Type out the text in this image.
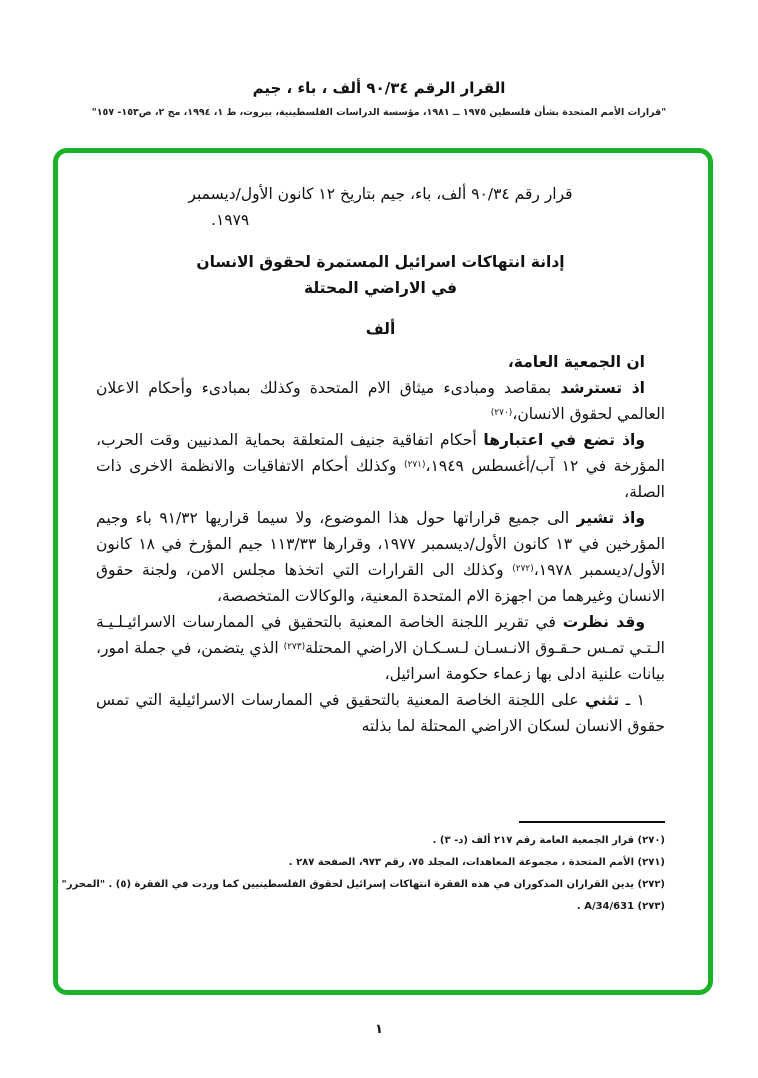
القرار الرقم ٩٠/٣٤ ألف ، باء ، جيم
"قرارات الأمم المتحدة بشأن فلسطين ١٩٧٥ ــ ١٩٨١، مؤسسة الدراسات الفلسطينية، بيروت، ط ١، ١٩٩٤، مج ٢، ص١٥٣- ١٥٧"
قرار رقم ٩٠/٣٤ ألف، باء، جيم بتاريخ ١٢ كانون الأول/ديسمبر
١٩٧٩.
إدانة انتهاكات اسرائيل المستمرة لحقوق الانسان
في الاراضي المحتلة
ألف
ان الجمعية العامة،
اذ تسترشد بمقاصد ومبادىء ميثاق الام المتحدة وكذلك بمبادىء وأحكام الاعلان العالمي لحقوق الانسان،$^{(٢٧٠)}$
واذ تضع في اعتبارها أحكام اتفاقية جنيف المتعلقة بحماية المدنيين وقت الحرب، المؤرخة في ١٢ آب/أغسطس ١٩٤٩،$^{(٢٧١)}$ وكذلك أحكام الاتفاقيات والانظمة الاخرى ذات الصلة،
واذ تشير الى جميع قراراتها حول هذا الموضوع، ولا سيما قراريها ٩١/٣٢ باء وجيم المؤرخين في ١٣ كانون الأول/ديسمبر ١٩٧٧، وقرارها ١١٣/٣٣ جيم المؤرخ في ١٨ كانون الأول/ديسمبر ١٩٧٨،$^{(٢٧٢)}$ وكذلك الى القرارات التي اتخذها مجلس الامن، ولجنة حقوق الانسان وغيرهما من اجهزة الام المتحدة المعنية، والوكالات المتخصصة،
وقد نظرت في تقرير اللجنة الخاصة المعنية بالتحقيق في الممارسات الاسرائيـلـيـة الـتـي تمـس حـقـوق الانـسـان لـسـكـان الاراضي المحتلة$^{(٢٧٣)}$ الذي يتضمن، في جملة امور، بيانات علنية ادلى بها زعماء حكومة اسرائيل،
١ ـ تثني على اللجنة الخاصة المعنية بالتحقيق في الممارسات الاسرائيلية التي تمس حقوق الانسان لسكان الاراضي المحتلة لما بذلته
(٢٧٠) قرار الجمعية العامة رقم ٢١٧ ألف (د- ٣) .
(٢٧١) الأمم المتحدة ، مجموعة المعاهدات، المجلد ٧٥، رقم ٩٧٣، الصفحة ٢٨٧ .
(٢٧٢) يدين القراران المذكوران في هذه الفقرة انتهاكات إسرائيل لحقوق الفلسطينيين كما وردت في الفقرة (٥) . "المحرر"
(٢٧٣) A/34/631 .
١
